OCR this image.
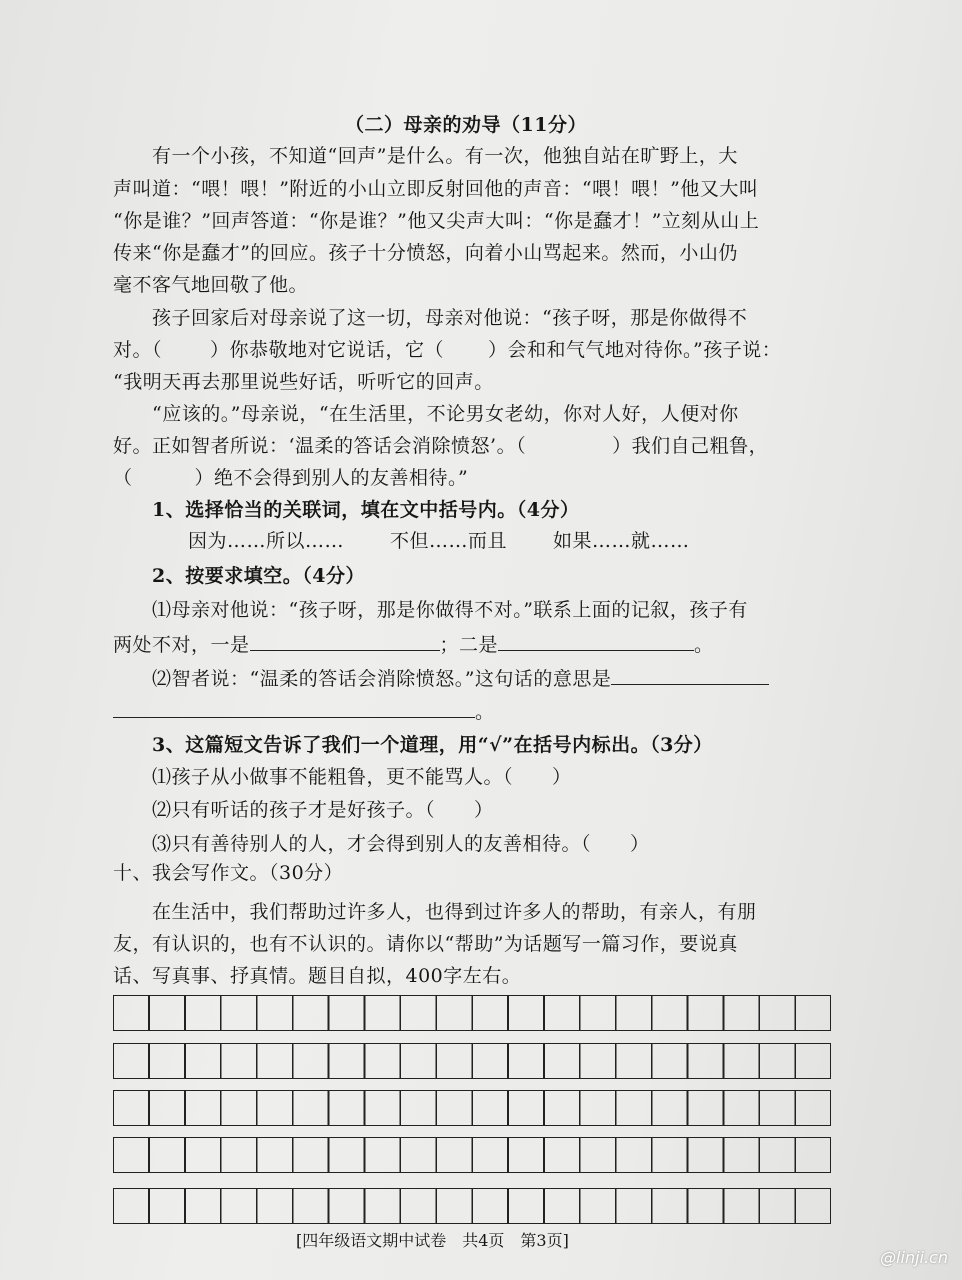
（二）母亲的劝导（11分）
有一个小孩，不知道“回声”是什么。有一次，他独自站在旷野上，大
声叫道：“喂！喂！”附近的小山立即反射回他的声音：“喂！喂！”他又大叫
“你是谁？”回声答道：“你是谁？”他又尖声大叫：“你是蠢才！”立刻从山上
传来“你是蠢才”的回应。孩子十分愤怒，向着小山骂起来。然而，小山仍
毫不客气地回敬了他。
孩子回家后对母亲说了这一切，母亲对他说：“孩子呀，那是你做得不
对。（	）你恭敬地对它说话，它（ ）会和和气气地对待你。”孩子说：
“我明天再去那里说些好话，听听它的回声。
“应该的。”母亲说，“在生活里，不论男女老幼，你对人好，人便对你
好。正如智者所说：‘温柔的答话会消除愤怒’。（	）我们自己粗鲁，
（	）绝不会得到别人的友善相待。”
1、选择恰当的关联词，填在文中括号内。（4分）
因为……所以…… 不但……而且 如果……就……
2、按要求填空。（4分）
⑴母亲对他说：“孩子呀，那是你做得不对。”联系上面的记叙，孩子有
两处不对，一是	；二是	。
⑵智者说：“温柔的答话会消除愤怒。”这句话的意思是
。
3、这篇短文告诉了我们一个道理，用“√”在括号内标出。（3分）
⑴孩子从小做事不能粗鲁，更不能骂人。（　　）
⑵只有听话的孩子才是好孩子。（　　）
⑶只有善待别人的人，才会得到别人的友善相待。（　　）
十、我会写作文。（30分）
在生活中，我们帮助过许多人，也得到过许多人的帮助，有亲人，有朋
友，有认识的，也有不认识的。请你以“帮助”为话题写一篇习作，要说真
话、写真事、抒真情。题目自拟，400字左右。
[四年级语文期中试卷　共4页　第3页]
@linji.cn
